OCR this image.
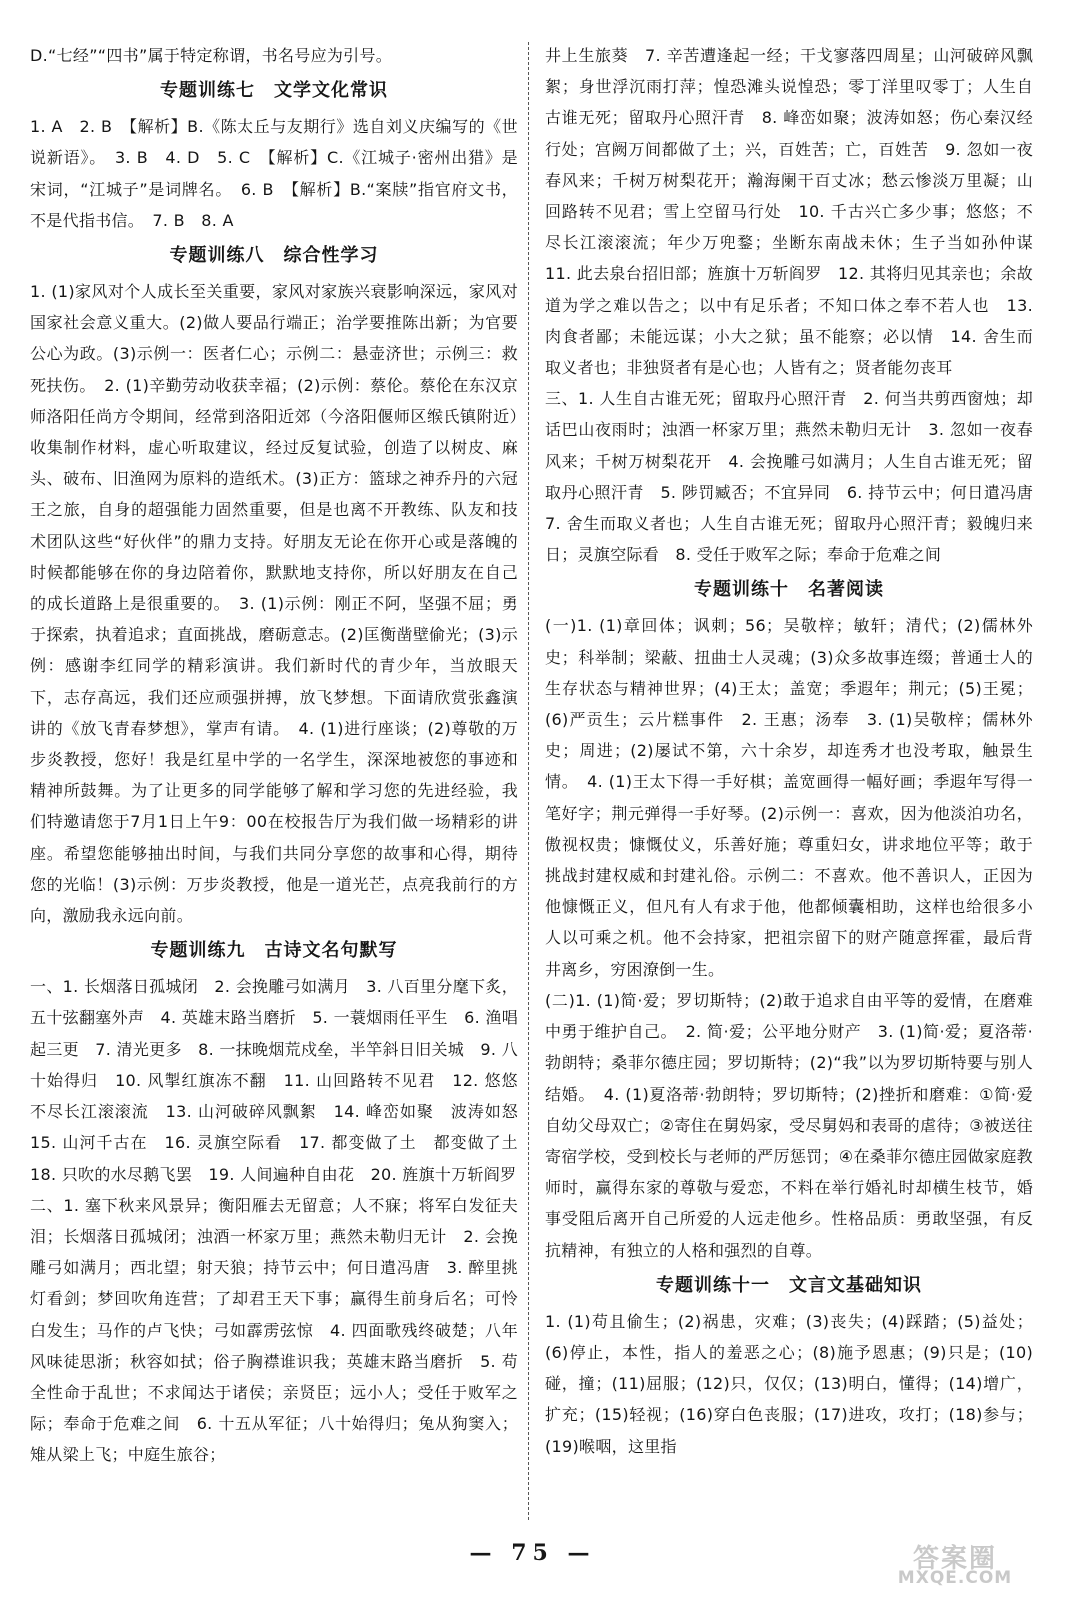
D.“七经”“四书”属于特定称谓，书名号应为引号。

专题训练七　文学文化常识

1. A　2. B　【解析】B.《陈太丘与友期行》选自刘义庆编写的《世说新语》。　3. B　4. D　5. C　【解析】C.《江城子·密州出猎》是宋词，“江城子”是词牌名。　6. B　【解析】B.“案牍”指官府文书，不是代指书信。　7. B　8. A

专题训练八　综合性学习

1. (1)家风对个人成长至关重要，家风对家族兴衰影响深远，家风对国家社会意义重大。(2)做人要品行端正；治学要推陈出新；为官要公心为政。(3)示例一：医者仁心；示例二：悬壶济世；示例三：救死扶伤。　2. (1)辛勤劳动收获幸福；(2)示例：蔡伦。蔡伦在东汉京师洛阳任尚方令期间，经常到洛阳近郊（今洛阳偃师区缑氏镇附近）收集制作材料，虚心听取建议，经过反复试验，创造了以树皮、麻头、破布、旧渔网为原料的造纸术。(3)正方：篮球之神乔丹的六冠王之旅，自身的超强能力固然重要，但是也离不开教练、队友和技术团队这些“好伙伴”的鼎力支持。好朋友无论在你开心或是落魄的时候都能够在你的身边陪着你，默默地支持你，所以好朋友在自己的成长道路上是很重要的。　3. (1)示例：刚正不阿，坚强不屈；勇于探索，执着追求；直面挑战，磨砺意志。(2)匡衡凿壁偷光；(3)示例：感谢李红同学的精彩演讲。我们新时代的青少年，当放眼天下，志存高远，我们还应顽强拼搏，放飞梦想。下面请欣赏张鑫演讲的《放飞青春梦想》，掌声有请。　4. (1)进行座谈；(2)尊敬的万步炎教授，您好！我是红星中学的一名学生，深深地被您的事迹和精神所鼓舞。为了让更多的同学能够了解和学习您的先进经验，我们特邀请您于7月1日上午9：00在校报告厅为我们做一场精彩的讲座。希望您能够抽出时间，与我们共同分享您的故事和心得，期待您的光临！(3)示例：万步炎教授，他是一道光芒，点亮我前行的方向，激励我永远向前。

专题训练九　古诗文名句默写

一、1. 长烟落日孤城闭　2. 会挽雕弓如满月　3. 八百里分麾下炙，五十弦翻塞外声　4. 英雄末路当磨折　5. 一蓑烟雨任平生　6. 渔唱起三更　7. 清光更多　8. 一抹晚烟荒戍垒，半竿斜日旧关城　9. 八十始得归　10. 风掣红旗冻不翻　11. 山回路转不见君　12. 悠悠　不尽长江滚滚流　13. 山河破碎风飘絮　14. 峰峦如聚　波涛如怒　15. 山河千古在　16. 灵旗空际看　17. 都变做了土　都变做了土　18. 只吹的水尽鹅飞罢　19. 人间遍种自由花　20. 旌旗十万斩阎罗

二、1. 塞下秋来风景异；衡阳雁去无留意；人不寐；将军白发征夫泪；长烟落日孤城闭；浊酒一杯家万里；燕然未勒归无计　2. 会挽雕弓如满月；西北望；射天狼；持节云中；何日遣冯唐　3. 醉里挑灯看剑；梦回吹角连营；了却君王天下事；赢得生前身后名；可怜白发生；马作的卢飞快；弓如霹雳弦惊　4. 四面歌残终破楚；八年风味徒思浙；秋容如拭；俗子胸襟谁识我；英雄末路当磨折　5. 苟全性命于乱世；不求闻达于诸侯；亲贤臣；远小人；受任于败军之际；奉命于危难之间　6. 十五从军征；八十始得归；兔从狗窦入；雉从梁上飞；中庭生旅谷；

井上生旅葵　7. 辛苦遭逢起一经；干戈寥落四周星；山河破碎风飘絮；身世浮沉雨打萍；惶恐滩头说惶恐；零丁洋里叹零丁；人生自古谁无死；留取丹心照汗青　8. 峰峦如聚；波涛如怒；伤心秦汉经行处；宫阙万间都做了土；兴，百姓苦；亡，百姓苦　9. 忽如一夜春风来；千树万树梨花开；瀚海阑干百丈冰；愁云惨淡万里凝；山回路转不见君；雪上空留马行处　10. 千古兴亡多少事；悠悠；不尽长江滚滚流；年少万兜鍪；坐断东南战未休；生子当如孙仲谋　11. 此去泉台招旧部；旌旗十万斩阎罗　12. 其将归见其亲也；余故道为学之难以告之；以中有足乐者；不知口体之奉不若人也　13. 肉食者鄙；未能远谋；小大之狱；虽不能察；必以情　14. 舍生而取义者也；非独贤者有是心也；人皆有之；贤者能勿丧耳

三、1. 人生自古谁无死；留取丹心照汗青　2. 何当共剪西窗烛；却话巴山夜雨时；浊酒一杯家万里；燕然未勒归无计　3. 忽如一夜春风来；千树万树梨花开　4. 会挽雕弓如满月；人生自古谁无死；留取丹心照汗青　5. 陟罚臧否；不宜异同　6. 持节云中；何日遣冯唐　7. 舍生而取义者也；人生自古谁无死；留取丹心照汗青；毅魄归来日；灵旗空际看　8. 受任于败军之际；奉命于危难之间

专题训练十　名著阅读

(一)1. (1)章回体；讽刺；56；吴敬梓；敏轩；清代；(2)儒林外史；科举制；梁蔽、扭曲士人灵魂；(3)众多故事连缀；普通士人的生存状态与精神世界；(4)王太；盖宽；季遐年；荆元；(5)王冕；(6)严贡生；云片糕事件　2. 王惠；汤奉　3. (1)吴敬梓；儒林外史；周进；(2)屡试不第，六十余岁，却连秀才也没考取，触景生情。　4. (1)王太下得一手好棋；盖宽画得一幅好画；季遐年写得一笔好字；荆元弹得一手好琴。(2)示例一：喜欢，因为他淡泊功名，傲视权贵；慷慨仗义，乐善好施；尊重妇女，讲求地位平等；敢于挑战封建权威和封建礼俗。示例二：不喜欢。他不善识人，正因为他慷慨正义，但凡有人有求于他，他都倾囊相助，这样也给很多小人以可乘之机。他不会持家，把祖宗留下的财产随意挥霍，最后背井离乡，穷困潦倒一生。

(二)1. (1)简·爱；罗切斯特；(2)敢于追求自由平等的爱情，在磨难中勇于维护自己。　2. 简·爱；公平地分财产　3. (1)简·爱；夏洛蒂·勃朗特；桑菲尔德庄园；罗切斯特；(2)“我”以为罗切斯特要与别人结婚。　4. (1)夏洛蒂·勃朗特；罗切斯特；(2)挫折和磨难：①简·爱自幼父母双亡；②寄住在舅妈家，受尽舅妈和表哥的虐待；③被送往寄宿学校，受到校长与老师的严厉惩罚；④在桑菲尔德庄园做家庭教师时，赢得东家的尊敬与爱恋，不料在举行婚礼时却横生枝节，婚事受阻后离开自己所爱的人远走他乡。性格品质：勇敢坚强，有反抗精神，有独立的人格和强烈的自尊。

专题训练十一　文言文基础知识

1. (1)苟且偷生；(2)祸患，灾难；(3)丧失；(4)踩踏；(5)益处；(6)停止，本性，指人的羞恶之心；(8)施予恩惠；(9)只是；(10)碰，撞；(11)屈服；(12)只，仅仅；(13)明白，懂得；(14)增广，扩充；(15)轻视；(16)穿白色丧服；(17)进攻，攻打；(18)参与；(19)喉咽，这里指

— 75 —	答案圈
MXQE.COM
